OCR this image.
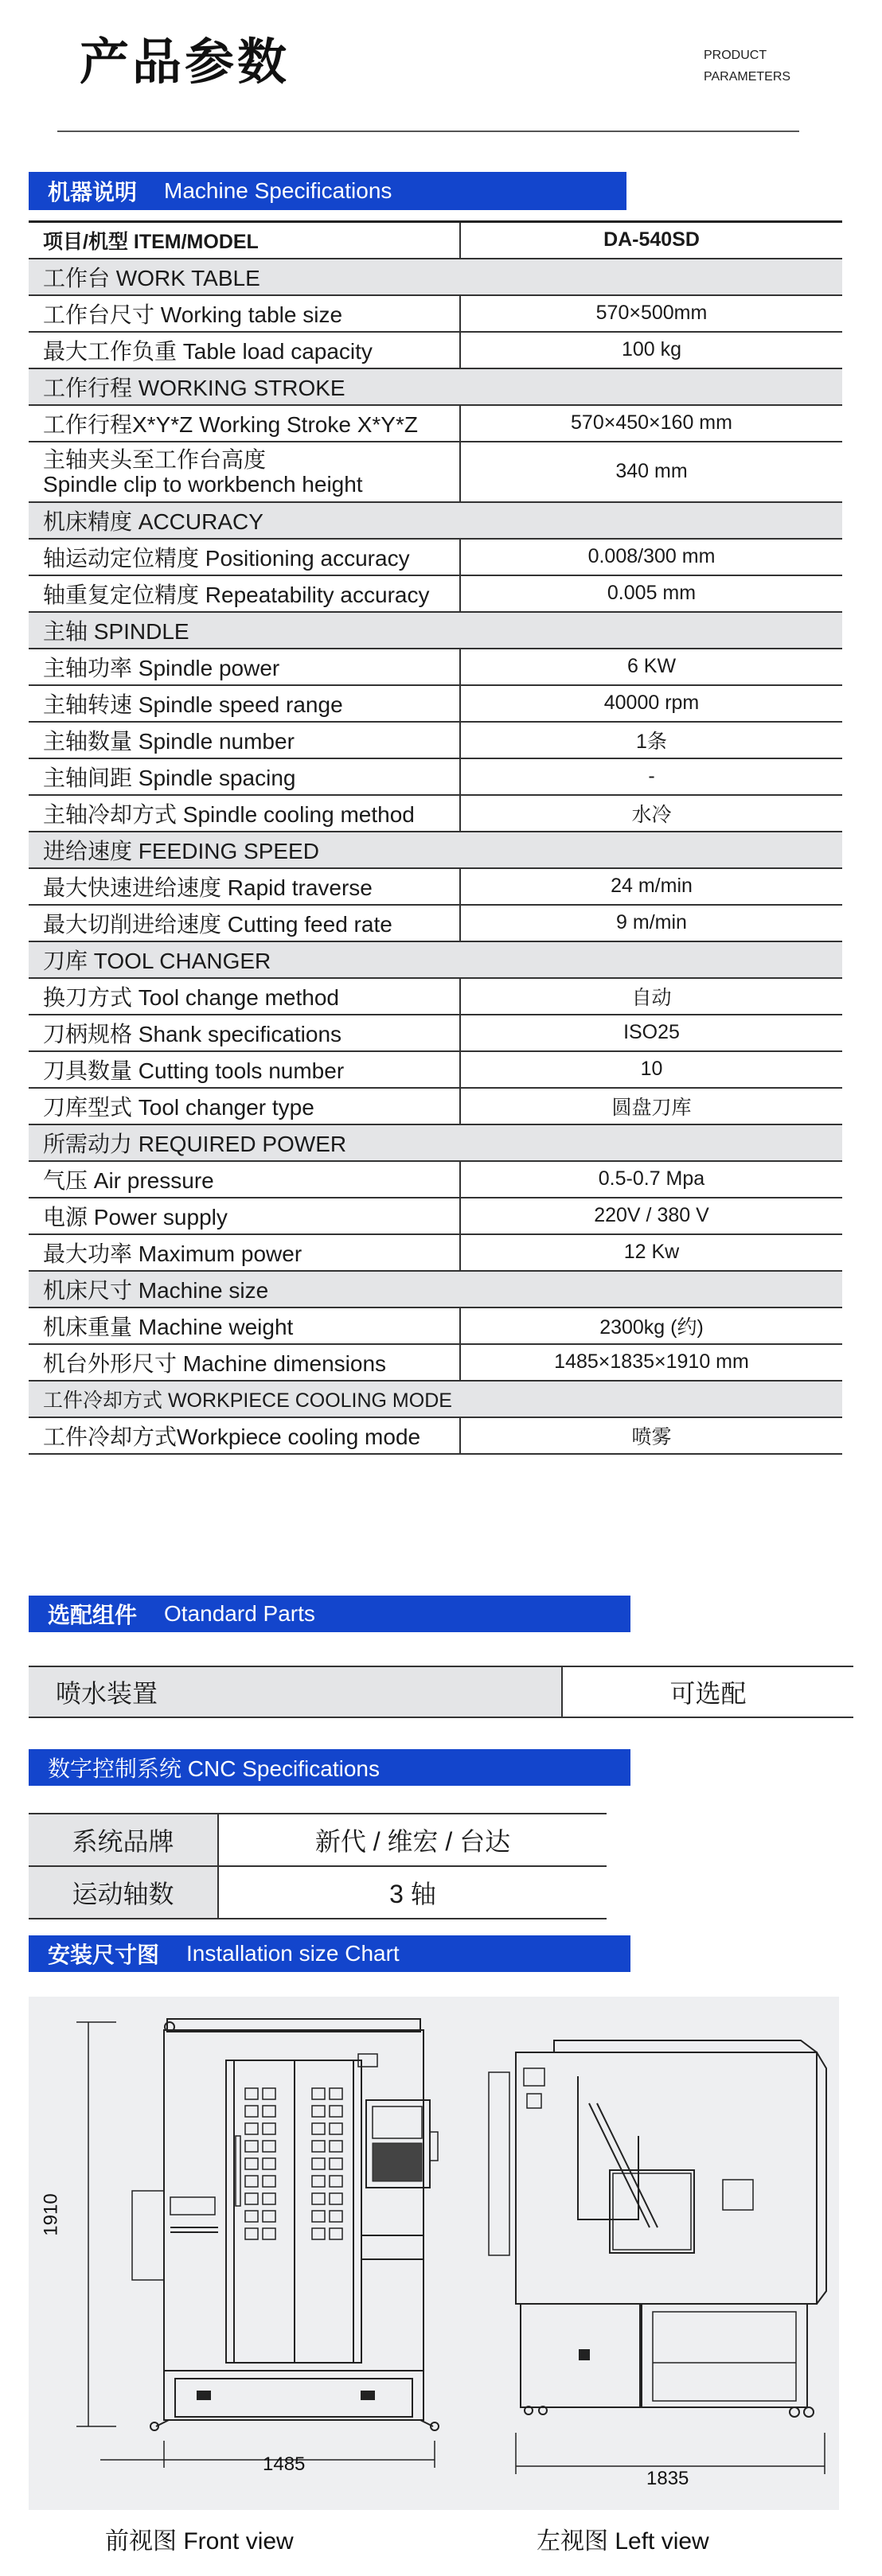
产品参数	PRODUCT
PARAMETERS
机器说明 Machine Specifications
项目/机型 ITEM/MODEL	DA-540SD
工作台 WORK TABLE	
工作台尺寸 Working table size	570×500mm
最大工作负重 Table load capacity	100 kg
工作行程 WORKING STROKE	
工作行程X*Y*Z Working Stroke X*Y*Z	570×450×160 mm

主轴夹头至工作台高度
Spindle clip to workbench height	340 mm
机床精度 ACCURACY	
轴运动定位精度 Positioning accuracy	0.008/300 mm
轴重复定位精度 Repeatability accuracy	0.005 mm
主轴 SPINDLE	
主轴功率 Spindle power	6 KW
主轴转速 Spindle speed range	40000 rpm
主轴数量 Spindle number	1条
主轴间距 Spindle spacing	-
主轴冷却方式 Spindle cooling method	水冷
进给速度 FEEDING SPEED	
最大快速进给速度 Rapid traverse	24 m/min
最大切削进给速度 Cutting feed rate	9 m/min
刀库 TOOL CHANGER	
换刀方式 Tool change method	自动
刀柄规格 Shank specifications	ISO25
刀具数量 Cutting tools number	10
刀库型式 Tool changer type	圆盘刀库
所需动力 REQUIRED POWER	
气压 Air pressure	0.5-0.7 Mpa
电源 Power supply	220V / 380 V
最大功率 Maximum power	12 Kw
机床尺寸 Machine size	
机床重量 Machine weight	2300kg (约)
机台外形尺寸 Machine dimensions	1485×1835×1910 mm
工件冷却方式 WORKPIECE COOLING MODE	
工件冷却方式Workpiece cooling mode	喷雾
选配组件 Otandard Parts
喷水装置	可选配
数字控制系统 CNC Specifications
系统品牌	新代 / 维宏 / 台达
运动轴数	3 轴
安装尺寸图 Installation size Chart
1910
1485
1835
前视图 Front view	左视图 Left view
